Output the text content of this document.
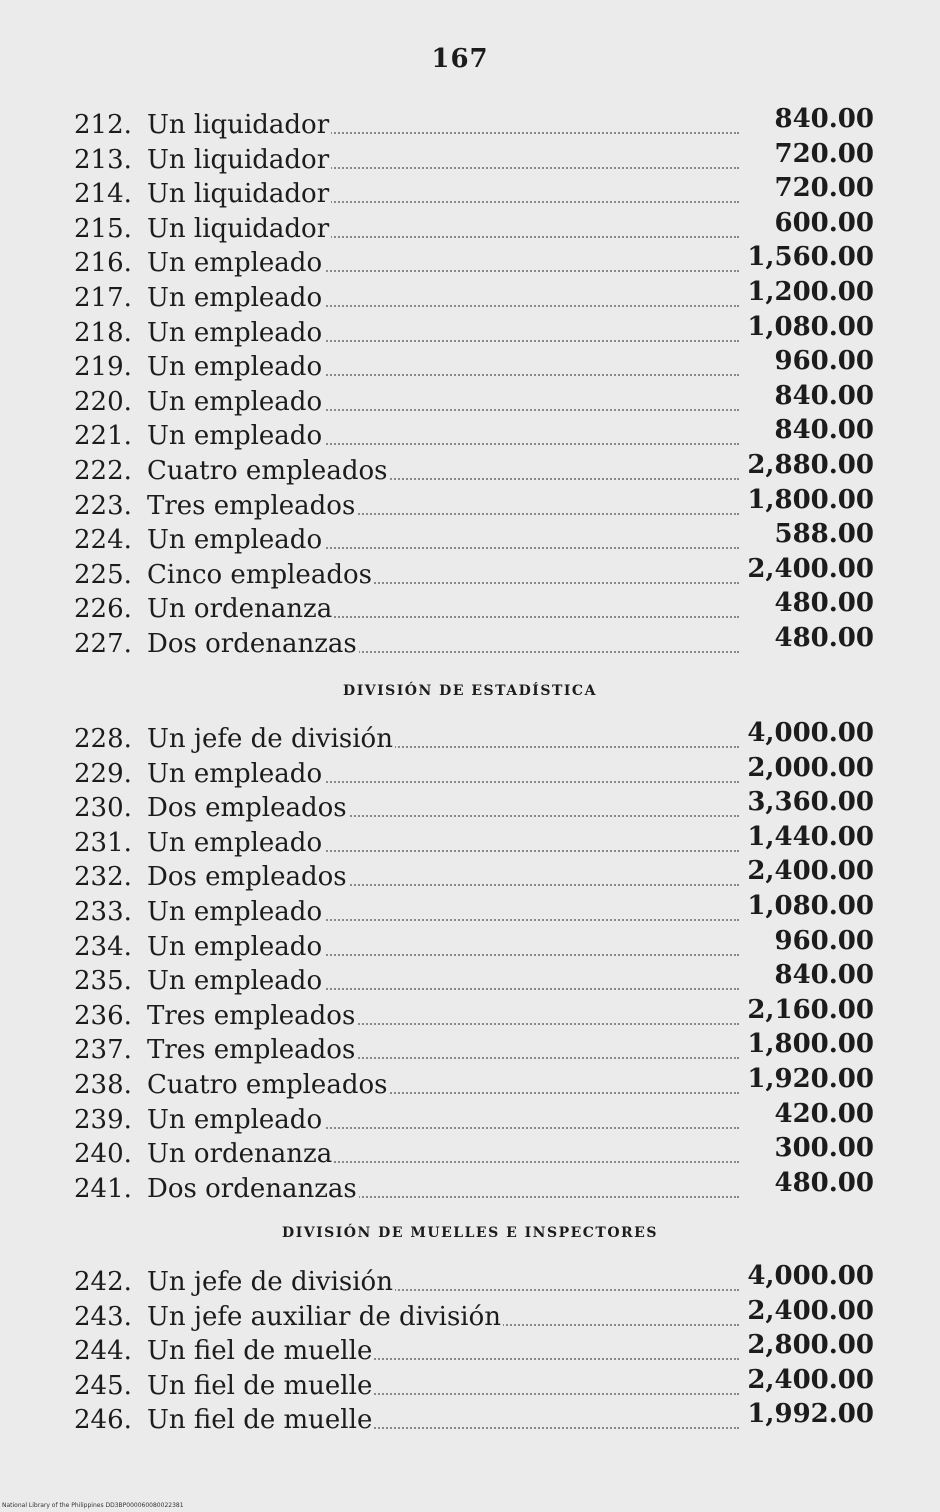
167
212. Un liquidador	840.00
213. Un liquidador	720.00
214. Un liquidador	720.00
215. Un liquidador	600.00
216. Un empleado	1,560.00
217. Un empleado	1,200.00
218. Un empleado	1,080.00
219. Un empleado	960.00
220. Un empleado	840.00
221. Un empleado	840.00
222. Cuatro empleados	2,880.00
223. Tres empleados	1,800.00
224. Un empleado	588.00
225. Cinco empleados	2,400.00
226. Un ordenanza	480.00
227. Dos ordenanzas	480.00
DIVISIÓN DE ESTADÍSTICA
228. Un jefe de división	4,000.00
229. Un empleado	2,000.00
230. Dos empleados	3,360.00
231. Un empleado	1,440.00
232. Dos empleados	2,400.00
233. Un empleado	1,080.00
234. Un empleado	960.00
235. Un empleado	840.00
236. Tres empleados	2,160.00
237. Tres empleados	1,800.00
238. Cuatro empleados	1,920.00
239. Un empleado	420.00
240. Un ordenanza	300.00
241. Dos ordenanzas	480.00
DIVISIÓN DE MUELLES E INSPECTORES
242. Un jefe de división	4,000.00
243. Un jefe auxiliar de división	2,400.00
244. Un fiel de muelle	2,800.00
245. Un fiel de muelle	2,400.00
246. Un fiel de muelle	1,992.00
National Library of the Philippines DD3BP000060080022381
